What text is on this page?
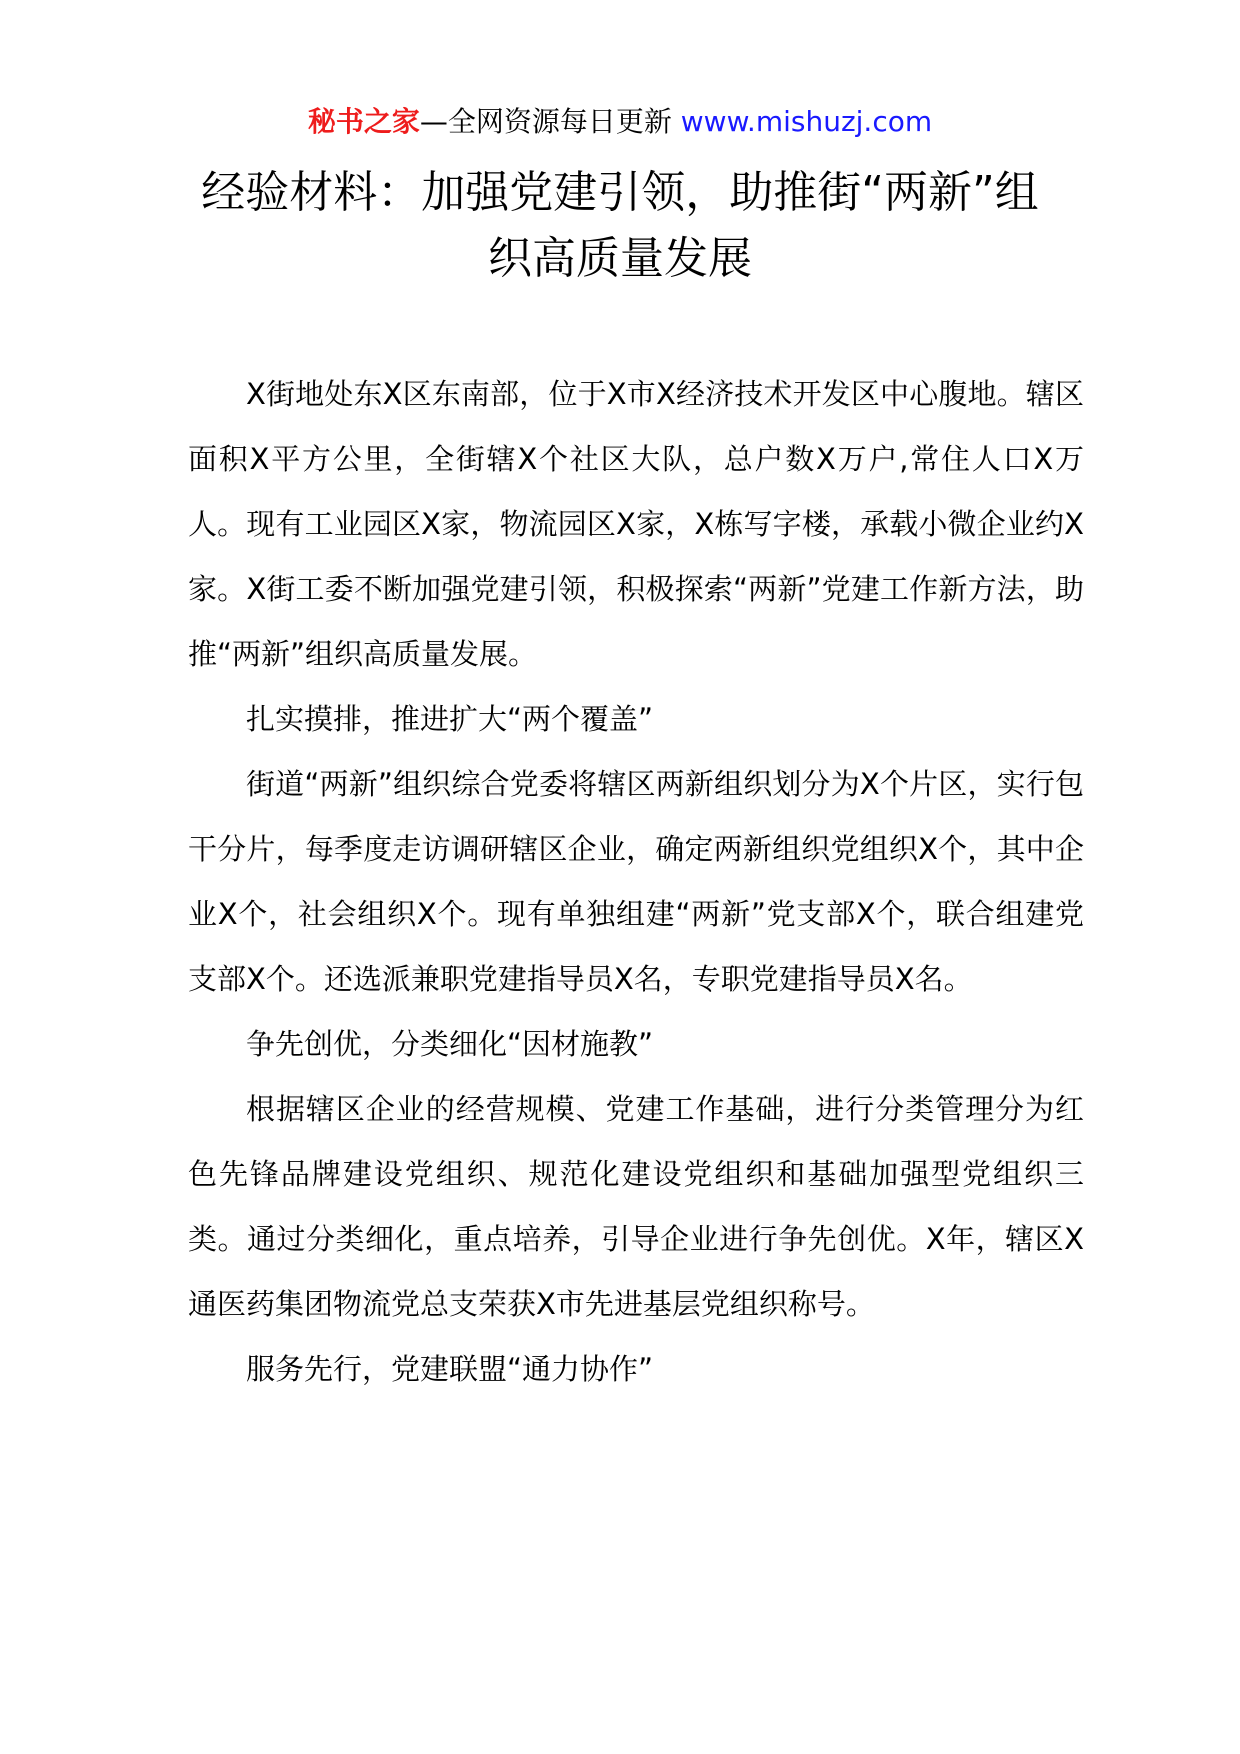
秘书之家—全网资源每日更新 www.mishuzj.com
经验材料：加强党建引领，助推街“两新”组织高质量发展

X街地处东X区东南部，位于X市X经济技术开发区中心腹地。辖区面积X平方公里，全街辖X个社区大队，总户数X万户,常住人口X万人。现有工业园区X家，物流园区X家，X栋写字楼，承载小微企业约X家。X街工委不断加强党建引领，积极探索“两新”党建工作新方法，助推“两新”组织高质量发展。

扎实摸排，推进扩大“两个覆盖”

街道“两新”组织综合党委将辖区两新组织划分为X个片区，实行包干分片，每季度走访调研辖区企业，确定两新组织党组织X个，其中企业X个，社会组织X个。现有单独组建“两新”党支部X个，联合组建党支部X个。还选派兼职党建指导员X名，专职党建指导员X名。

争先创优，分类细化“因材施教”

根据辖区企业的经营规模、党建工作基础，进行分类管理分为红色先锋品牌建设党组织、规范化建设党组织和基础加强型党组织三类。通过分类细化，重点培养，引导企业进行争先创优。X年，辖区X通医药集团物流党总支荣获X市先进基层党组织称号。

服务先行，党建联盟“通力协作”
